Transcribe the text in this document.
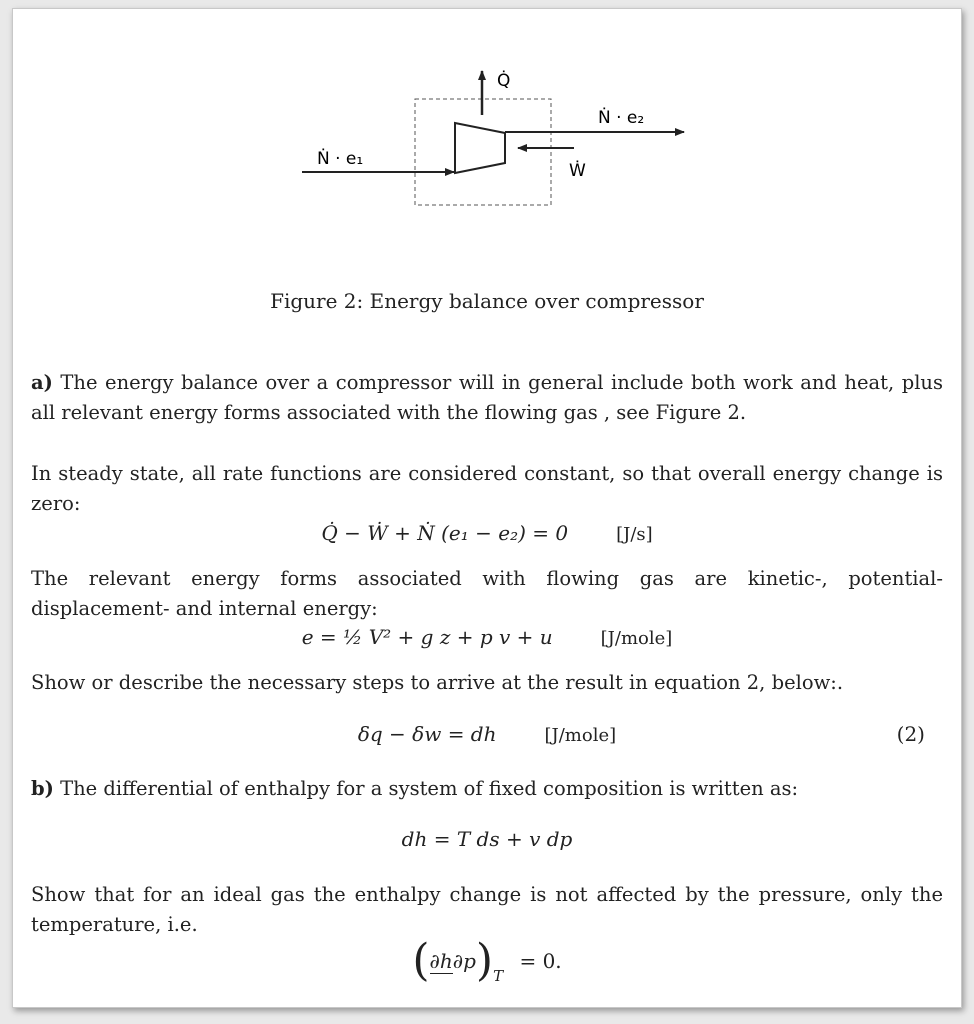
Q̇
Ẇ
Ṅ · e₁
Ṅ · e₂
Figure 2: Energy balance over compressor
a) The energy balance over a compressor will in general include both work and heat, plus all relevant energy forms associated with the flowing gas , see Figure 2.
In steady state, all rate functions are considered constant, so that overall energy change is zero:
Q̇ − Ẇ + Ṅ (e₁ − e₂) = 0	[J/s]
The relevant energy forms associated with flowing gas are kinetic-, potential- displacement- and internal energy:
e = ½ V² + g z + p v + u	[J/mole]
Show or describe the necessary steps to arrive at the result in equation 2, below:.
δq − δw = dh	[J/mole]	(2)
b) The differential of enthalpy for a system of fixed composition is written as:
dh = T ds + v dp
Show that for an ideal gas the enthalpy change is not affected by the pressure, only the temperature, i.e.
$(\partial h\partial p)_T = 0$.
